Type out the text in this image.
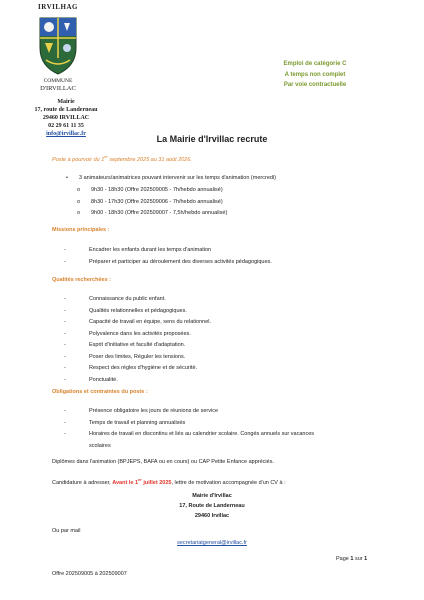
IRVILHAG
COMMUNE
D'IRVILLAC
Mairie
17, route de Landerneau
29460 IRVILLAC
02 29 61 11 35
info@irvillac.fr
Emploi de catégorie C
A temps non complet
Par voie contractuelle
La Mairie d'Irvillac recrute
Poste à pourvoir du 1er septembre 2025 au 31 août 2026.
•	3 animateurs/animatrices pouvant intervenir sur les temps d'animation (mercredi)
o	9h30 - 18h30 (Offre 202509005 - 7h/hebdo annualisé)
o	8h30 - 17h30 (Offre 202509006 - 7h/hebdo annualisé)
o	9h00 - 18h30 (Offre 202509007 - 7,5h/hebdo annualisé)
Missions principales :
-	Encadrer les enfants durant les temps d'animation
-	Préparer et participer au déroulement des diverses activités pédagogiques.
Qualités recherchées :
-	Connaissance du public enfant.
-	Qualités relationnelles et pédagogiques.
-	Capacité de travail en équipe, sens du relationnel.
-	Polyvalence dans les activités proposées.
-	Esprit d'initiative et faculté d'adaptation.
-	Poser des limites, Réguler les tensions.
-	Respect des règles d'hygiène et de sécurité.
-	Ponctualité.
Obligations et contraintes du poste :
-	Présence obligatoire les jours de réunions de service
-	Temps de travail et planning annualisés
-	Horaires de travail en discontinu et liés au calendrier scolaire. Congés annuels sur vacances
scolaires
Diplômes dans l'animation (BPJEPS, BAFA ou en cours) ou CAP Petite Enfance appréciés.
Candidature à adresser, Avant le 1er juillet 2025, lettre de motivation accompagnée d'un CV à :
Mairie d'Irvillac
17, Route de Landerneau
29460 Irvillac
Ou par mail
secretariatgeneral@irvillac.fr
Page 1 sur 1
Offre 202509005 à 202509007
